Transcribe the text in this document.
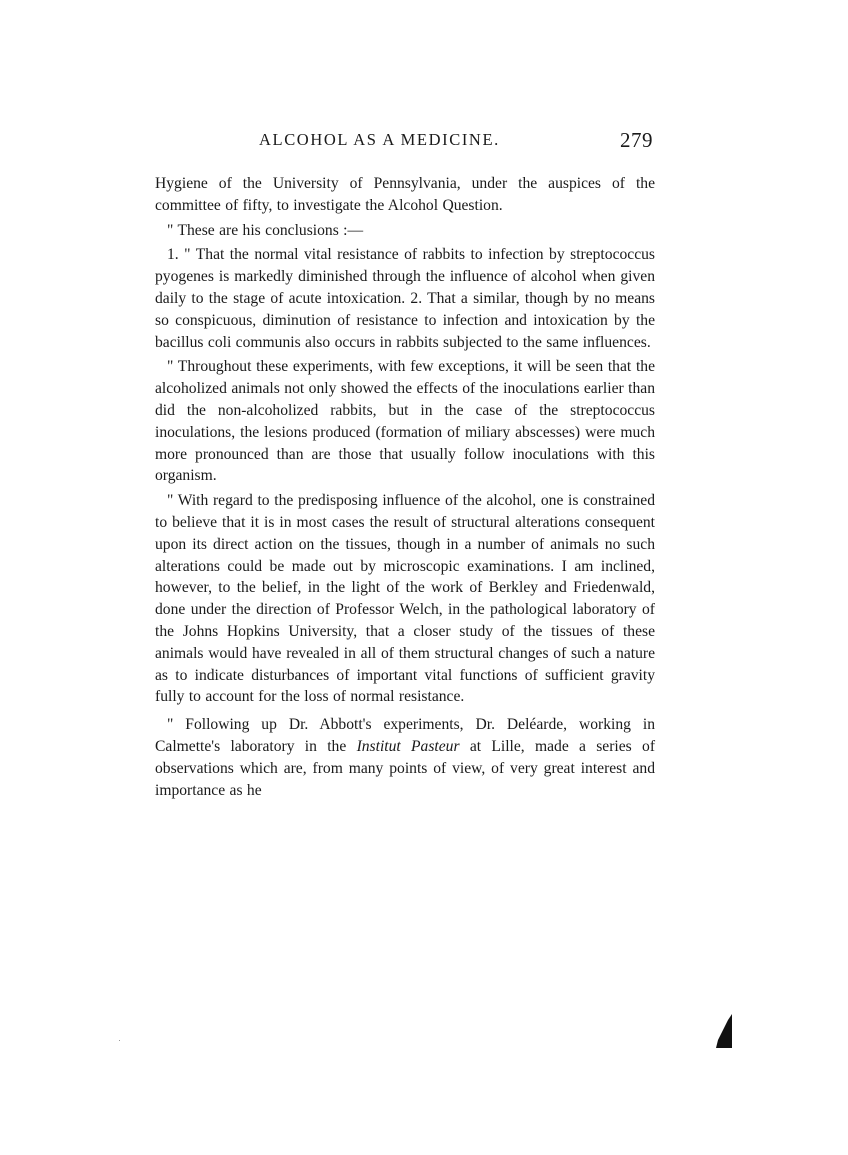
ALCOHOL AS A MEDICINE.	279

Hygiene of the University of Pennsylvania, under the auspices of the committee of fifty, to investigate the Alcohol Question.

" These are his conclusions :—

1. " That the normal vital resistance of rabbits to infection by streptococcus pyogenes is markedly diminished through the influence of alcohol when given daily to the stage of acute intoxication. 2. That a similar, though by no means so conspicuous, diminution of resistance to infection and intoxication by the bacillus coli communis also occurs in rabbits subjected to the same influences.

" Throughout these experiments, with few exceptions, it will be seen that the alcoholized animals not only showed the effects of the inoculations earlier than did the non-alcoholized rabbits, but in the case of the streptococcus inoculations, the lesions produced (formation of miliary abscesses) were much more pronounced than are those that usually follow inoculations with this organism.

" With regard to the predisposing influence of the alcohol, one is constrained to believe that it is in most cases the result of structural alterations consequent upon its direct action on the tissues, though in a number of animals no such alterations could be made out by microscopic examinations. I am inclined, however, to the belief, in the light of the work of Berkley and Friedenwald, done under the direction of Professor Welch, in the pathological laboratory of the Johns Hopkins University, that a closer study of the tissues of these animals would have revealed in all of them structural changes of such a nature as to indicate disturbances of important vital functions of sufficient gravity fully to account for the loss of normal resistance.

" Following up Dr. Abbott's experiments, Dr. Deléarde, working in Calmette's laboratory in the Institut Pasteur at Lille, made a series of observations which are, from many points of view, of very great interest and importance as he
